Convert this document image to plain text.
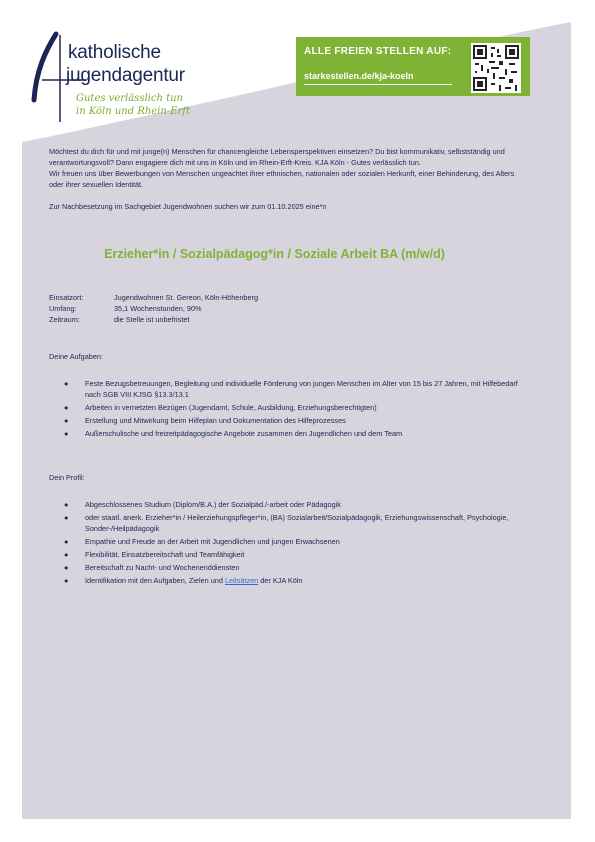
katholische
jugendagentur
Gutes verlässlich tun
in Köln und Rhein-Erft
ALLE FREIEN STELLEN AUF:
starkestellen.de/kja-koeln

Möchtest du dich für und mit junge(n) Menschen für chancengleiche Lebensperspektiven einsetzen? Du bist kommunikativ, selbstständig und verantwortungsvoll? Dann engagiere dich mit uns in Köln und im Rhein-Erft-Kreis. KJA Köln - Gutes verlässlich tun.

Wir freuen uns über Bewerbungen von Menschen ungeachtet ihrer ethnischen, nationalen oder sozialen Herkunft, einer Behinderung, des Alters oder ihrer sexuellen Identität.

Zur Nachbesetzung im Sachgebiet Jugendwohnen suchen wir zum 01.10.2025 eine*n

Erzieher*in / Sozialpädagog*in / Soziale Arbeit BA (m/w/d)
Einsatzort:	Jugendwohnen St. Gereon, Köln-Höhenberg
Umfang:	35,1 Wochenstunden, 90%
Zeitraum:	die Stelle ist unbefristet
Deine Aufgaben:
● Feste Bezugsbetreuungen, Begleitung und individuelle Förderung von jungen Menschen im Alter von 15 bis 27 Jahren, mit Hilfebedarf nach SGB VIII KJSG §13.3/13.1
● Arbeiten in vernetzten Bezügen (Jugendamt, Schule, Ausbildung, Erziehungsberechtigten)
● Erstellung und Mitwirkung beim Hilfeplan und Dokumentation des Hilfeprozesses
● Außerschulische und freizeitpädagogische Angebote zusammen den Jugendlichen und dem Team
Dein Profil:
● Abgeschlossenes Studium (Diplom/B.A.) der Sozialpäd./-arbeit oder Pädagogik
● oder staatl. anerk. Erzieher*in / Heilerziehungspfleger*in, (BA) Sozialarbeit/Sozialpädagogik, Erziehungswissenschaft, Psychologie, Sonder-/Heilpädagogik
● Empathie und Freude an der Arbeit mit Jugendlichen und jungen Erwachsenen
● Flexibilität, Einsatzbereitschaft und Teamfähigkeit
● Bereitschaft zu Nacht- und Wochenenddiensten
● Identifikation mit den Aufgaben, Zielen und Leitsätzen der KJA Köln
